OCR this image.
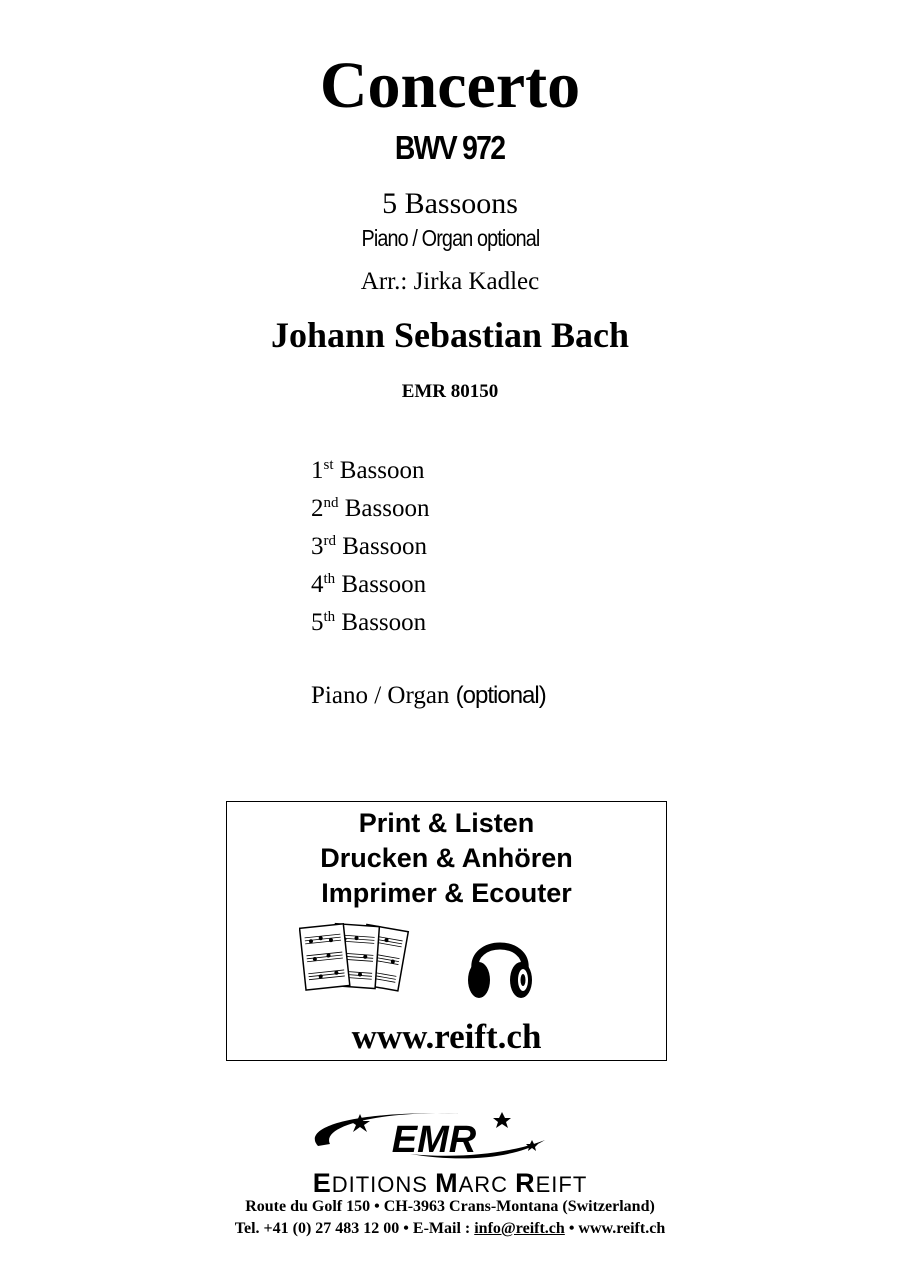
Concerto
BWV 972
5 Bassoons
Piano / Organ optional
Arr.: Jirka Kadlec
Johann Sebastian Bach
EMR 80150
1st Bassoon
2nd Bassoon
3rd Bassoon
4th Bassoon
5th Bassoon
Piano / Organ (optional)
Print & Listen
Drucken & Anhören
Imprimer & Ecouter
www.reift.ch
EMR
EDITIONS MARC REIFT
Route du Golf 150 • CH-3963 Crans-Montana (Switzerland)
Tel. +41 (0) 27 483 12 00 • E-Mail : info@reift.ch • www.reift.ch
